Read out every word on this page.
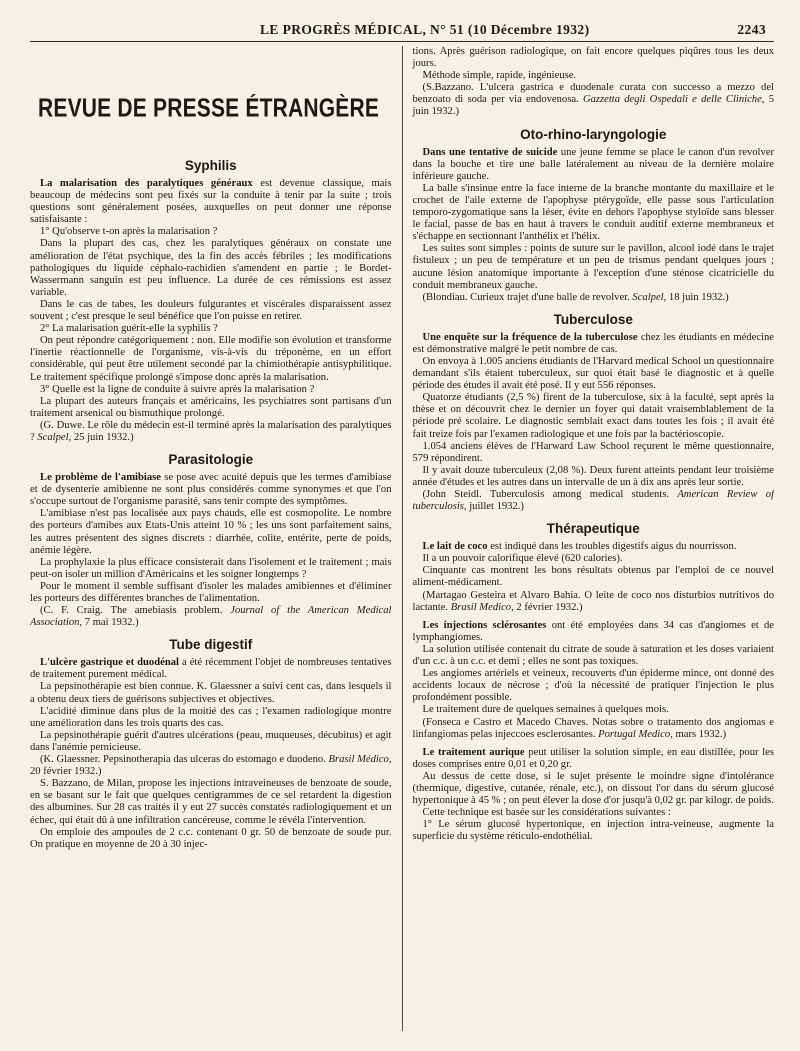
LE PROGRÈS MÉDICAL, N° 51 (10 Décembre 1932)	2243
REVUE DE PRESSE ÉTRANGÈRE
Syphilis

La malarisation des paralytiques généraux est devenue classique, mais beaucoup de médecins sont peu fixés sur la conduite à tenir par la suite ; trois questions sont généralement posées, auxquelles on peut donner une réponse satisfaisante :

1° Qu'observe t-on après la malarisation ?

Dans la plupart des cas, chez les paralytiques généraux on constate une amélioration de l'état psychique, des la fin des accès fébriles ; les modifications pathologiques du liquide céphalo-rachidien s'amendent en partie ; le Bordet-Wassermann sanguin est peu influence. La durée de ces rémissions est assez variable.

Dans le cas de tabes, les douleurs fulgurantes et viscérales disparaissent assez souvent ; c'est presque le seul bénéfice que l'on puisse en retirer.

2° La malarisation guérit-elle la syphilis ?

On peut répondre catégoriquement : non. Elle modifie son évolution et transforme l'inertie réactionnelle de l'organisme, vis-à-vis du tréponème, en un effort considérable, qui peut être utilement secondé par la chimiothérapie antisyphilitique. Le traitement spécifique prolongé s'impose donc après la malarisation.

3° Quelle est la ligne de conduite à suivre après la malarisation ?

La plupart des auteurs français et américains, les psychiatres sont partisans d'un traitement arsenical ou bismuthique prolongé.

(G. Duwe. Le rôle du médecin est-il terminé après la malarisation des paralytiques ? Scalpel, 25 juin 1932.)

Parasitologie

Le problème de l'amibiase se pose avec acuité depuis que les termes d'amibiase et de dysenterie amibienne ne sont plus considérés comme synonymes et que l'on s'occupe surtout de l'organisme parasité, sans tenir compte des symptômes.

L'amibiase n'est pas localisée aux pays chauds, elle est cosmopolite. Le nombre des porteurs d'amibes aux Etats-Unis atteint 10 % ; les uns sont parfaitement sains, les autres présentent des signes discrets : diarrhée, colite, entérite, perte de poids, anémie légère.

La prophylaxie la plus efficace consisterait dans l'isolement et le traitement ; mais peut-on isoler un million d'Américains et les soigner longtemps ?

Pour le moment il semble suffisant d'isoler les malades amibiennes et d'éliminer les porteurs des différentes branches de l'alimentation.

(C. F. Craig. The amebiasis problem. Journal of the American Medical Association, 7 mai 1932.)

Tube digestif

L'ulcère gastrique et duodénal a été récemment l'objet de nombreuses tentatives de traitement purement médical.

La pepsinothérapie est bien connue. K. Glaessner a suivi cent cas, dans lesquels il a obtenu deux tiers de guérisons subjectives et objectives.

L'acidité diminue dans plus de la moitié des cas ; l'examen radiologique montre une amélioration dans les trois quarts des cas.

La pepsinothérapie guérit d'autres ulcérations (peau, muqueuses, décubitus) et agit dans l'anémie pernicieuse.

(K. Glaessner. Pepsinotherapia das ulceras do estomago e duodeno. Brasil Médico, 20 février 1932.)

S. Bazzano, de Milan, propose les injections intraveineuses de benzoate de soude, en se basant sur le fait que quelques centigrammes de ce sel retardent la digestion des albumines. Sur 28 cas traités il y eut 27 succès constatés radiologiquement et un échec, qui était dû à une infiltration cancéreuse, comme le révéla l'intervention.

On emploie des ampoules de 2 c.c. contenant 0 gr. 50 de benzoate de soude pur. On pratique en moyenne de 20 à 30 injec-

tions. Après guérison radiologique, on fait encore quelques piqûres tous les deux jours.

Méthode simple, rapide, ingénieuse.

(S.Bazzano. L'ulcera gastrica e duodenale curata con successo a mezzo del benzoato di soda per via endovenosa. Gazzetta degli Ospedali e delle Cliniche, 5 juin 1932.)

Oto-rhino-laryngologie

Dans une tentative de suicide une jeune femme se place le canon d'un revolver dans la bouche et tire une balle latéralement au niveau de la dernière molaire inférieure gauche.

La balle s'insinue entre la face interne de la branche montante du maxillaire et le crochet de l'aile externe de l'apophyse ptérygoïde, elle passe sous l'articulation temporo-zygomatique sans la léser, évite en dehors l'apophyse styloïde sans blesser le facial, passe de bas en haut à travers le conduit auditif externe membraneux et s'échappe en sectionnant l'anthélix et l'hélix.

Les suites sont simples : points de suture sur le pavillon, alcool iodé dans le trajet fistuleux ; un peu de température et un peu de trismus pendant quelques jours ; aucune lésion anatomique importante à l'exception d'une sténose cicatricielle du conduit membraneux gauche.

(Blondiau. Curieux trajet d'une balle de revolver. Scalpel, 18 juin 1932.)

Tuberculose

Une enquête sur la fréquence de la tuberculose chez les étudiants en médecine est démonstrative malgré le petit nombre de cas.

On envoya à 1.005 anciens étudiants de l'Harvard medical School un questionnaire demandant s'ils étaient tuberculeux, sur quoi était basé le diagnostic et à quelle période des études il avait été posé. Il y eut 556 réponses.

Quatorze étudiants (2,5 %) firent de la tuberculose, six à la faculté, sept après la thèse et on découvrit chez le dernier un foyer qui datait vraisemblablement de la période pré scolaire. Le diagnostic semblait exact dans toutes les fois ; il avait été fait treize fois par l'examen radiologique et une fois par la bactérioscopie.

1.054 anciens élèves de l'Harward Law School reçurent le même questionnaire, 579 répondirent.

Il y avait douze tuberculeux (2,08 %). Deux furent atteints pendant leur troisième année d'études et les autres dans un intervalle de un à dix ans après leur sortie.

(John Steidl. Tuberculosis among medical students. American Review of tuberculosis, juillet 1932.)

Thérapeutique

Le lait de coco est indiqué dans les troubles digestifs aigus du nourrisson.

Il a un pouvoir calorifique élevé (620 calories).

Cinquante cas montrent les bons résultats obtenus par l'emploi de ce nouvel aliment-médicament.

(Martagao Gesteira et Alvaro Bahia. O leite de coco nos disturbios nutritivos do lactante. Brasil Medico, 2 février 1932.)

Les injections sclérosantes ont été employées dans 34 cas d'angiomes et de lymphangiomes.

La solution utilisée contenait du citrate de soude à saturation et les doses variaient d'un c.c. à un c.c. et demi ; elles ne sont pas toxiques.

Les angiomes artériels et veineux, recouverts d'un épiderme mince, ont donné des accidents locaux de nécrose ; d'où la nécessité de pratiquer l'injection le plus profondément possible.

Le traitement dure de quelques semaines à quelques mois.

(Fonseca e Castro et Macedo Chaves. Notas sobre o tratamento dos angiomas e linfangiomas pelas injeccoes esclerosantes. Portugal Medico, mars 1932.)

Le traitement aurique peut utiliser la solution simple, en eau distillée, pour les doses comprises entre 0,01 et 0,20 gr.

Au dessus de cette dose, si le sujet présente le moindre signe d'intolérance (thermique, digestive, cutanée, rénale, etc.), on dissout l'or dans du sérum glucosé hypertonique à 45 % ; on peut élever la dose d'or jusqu'à 0,02 gr. par kilogr. de poids.

Cette technique est basée sur les considérations suivantes :

1° Le sérum glucosé hypertonique, en injection intra-veineuse, augmente la superficie du système réticulo-endothélial.
